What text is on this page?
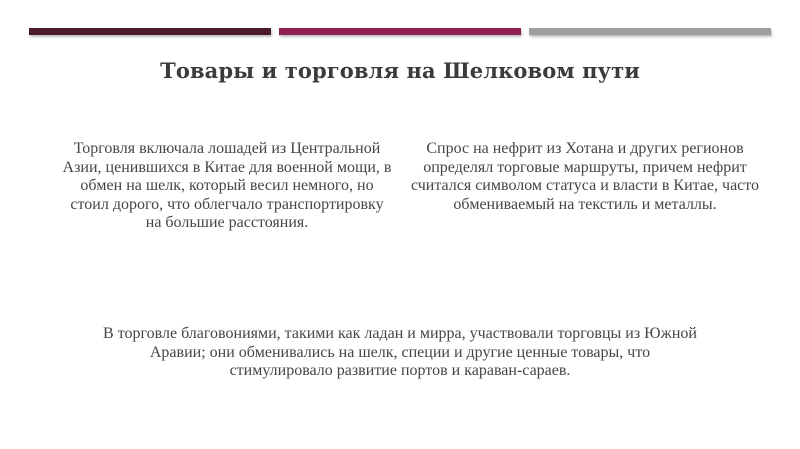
Товары и торговля на Шелковом пути

Торговля включала лошадей из Центральной Азии, ценившихся в Китае для военной мощи, в обмен на шелк, который весил немного, но стоил дорого, что облегчало транспортировку на большие расстояния.

Спрос на нефрит из Хотана и других регионов определял торговые маршруты, причем нефрит считался символом статуса и власти в Китае, часто обмениваемый на текстиль и металлы.

В торговле благовониями, такими как ладан и мирра, участвовали торговцы из Южной Аравии; они обменивались на шелк, специи и другие ценные товары, что стимулировало развитие портов и караван-сараев.
